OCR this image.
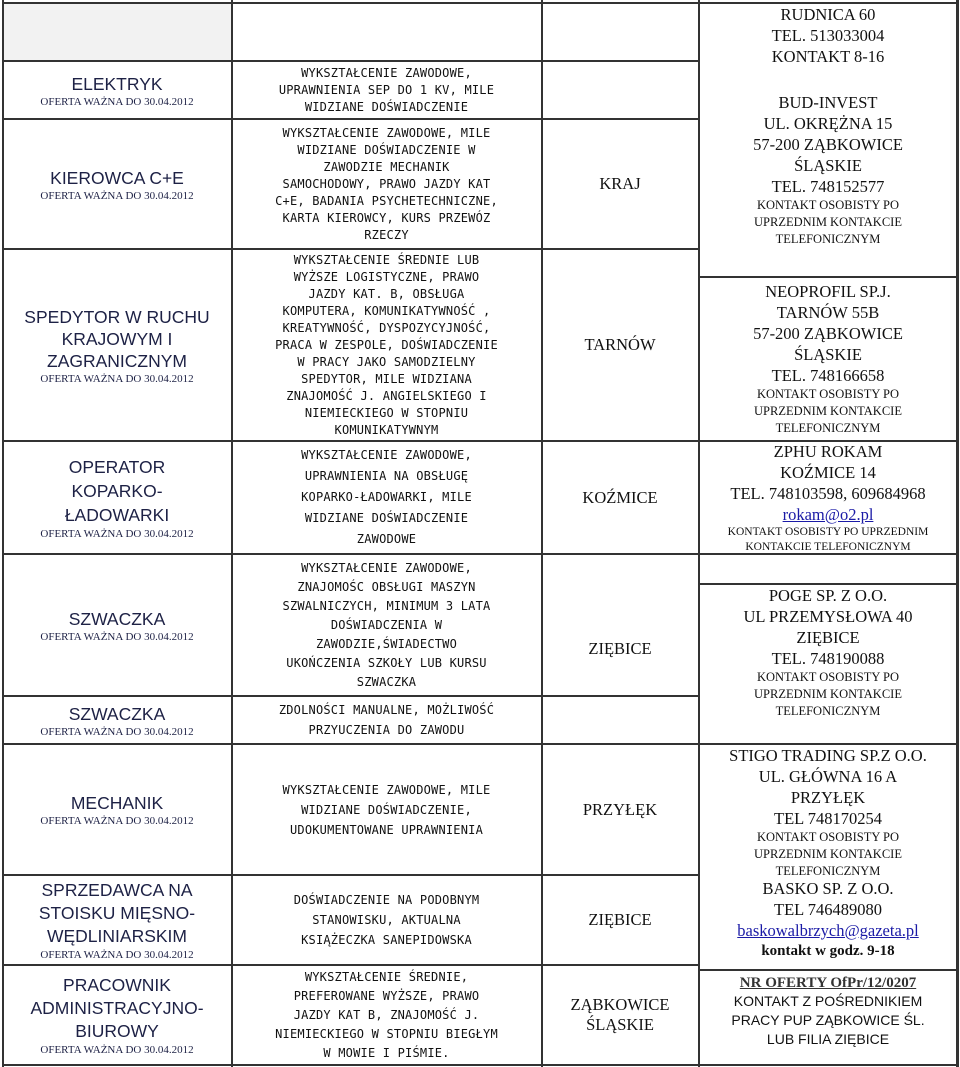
ELEKTRYK
OFERTA WAŻNA DO 30.04.2012
KIEROWCA C+E
OFERTA WAŻNA DO 30.04.2012
SPEDYTOR W RUCHU
KRAJOWYM I
ZAGRANICZNYM
OFERTA WAŻNA DO 30.04.2012
OPERATOR
KOPARKO-
ŁADOWARKI
OFERTA WAŻNA DO 30.04.2012
SZWACZKA
OFERTA WAŻNA DO 30.04.2012
SZWACZKA
OFERTA WAŻNA DO 30.04.2012
MECHANIK
OFERTA WAŻNA DO 30.04.2012
SPRZEDAWCA NA
STOISKU MIĘSNO-
WĘDLINIARSKIM
OFERTA WAŻNA DO 30.04.2012
PRACOWNIK
ADMINISTRACYJNO-
BIUROWY
OFERTA WAŻNA DO 30.04.2012
WYKSZTAŁCENIE ZAWODOWE,
UPRAWNIENIA SEP DO 1 KV, MILE
WIDZIANE DOŚWIADCZENIE
WYKSZTAŁCENIE ZAWODOWE, MILE
WIDZIANE DOŚWIADCZENIE W
ZAWODZIE MECHANIK
SAMOCHODOWY, PRAWO JAZDY KAT
C+E, BADANIA PSYCHETECHNICZNE,
KARTA KIEROWCY, KURS PRZEWÓZ
RZECZY
WYKSZTAŁCENIE ŚREDNIE LUB
WYŻSZE LOGISTYCZNE, PRAWO
JAZDY KAT. B, OBSŁUGA
KOMPUTERA, KOMUNIKATYWNOŚĆ ,
KREATYWNOŚĆ, DYSPOZYCYJNOŚĆ,
PRACA W ZESPOLE, DOŚWIADCZENIE
W PRACY JAKO SAMODZIELNY
SPEDYTOR, MILE WIDZIANA
ZNAJOMOŚĆ J. ANGIELSKIEGO I
NIEMIECKIEGO W STOPNIU
KOMUNIKATYWNYM
WYKSZTAŁCENIE ZAWODOWE,
UPRAWNIENIA NA OBSŁUGĘ
KOPARKO-ŁADOWARKI, MILE
WIDZIANE DOŚWIADCZENIE
ZAWODOWE
WYKSZTAŁCENIE ZAWODOWE,
ZNAJOMOŚC OBSŁUGI MASZYN
SZWALNICZYCH, MINIMUM 3 LATA
DOŚWIADCZENIA W
ZAWODZIE,ŚWIADECTWO
UKOŃCZENIA SZKOŁY LUB KURSU
SZWACZKA
ZDOLNOŚCI MANUALNE, MOŻLIWOŚĆ
PRZYUCZENIA DO ZAWODU
WYKSZTAŁCENIE ZAWODOWE, MILE
WIDZIANE DOŚWIADCZENIE,
UDOKUMENTOWANE UPRAWNIENIA
DOŚWIADCZENIE NA PODOBNYM
STANOWISKU, AKTUALNA
KSIĄŻECZKA SANEPIDOWSKA
WYKSZTAŁCENIE ŚREDNIE,
PREFEROWANE WYŻSZE, PRAWO
JAZDY KAT B, ZNAJOMOŚĆ J.
NIEMIECKIEGO W STOPNIU BIEGŁYM
W MOWIE I PIŚMIE.
KRAJ
TARNÓW
KOŹMICE
ZIĘBICE
PRZYŁĘK
ZIĘBICE
ZĄBKOWICE
ŚLĄSKIE
RUDNICA 60
TEL. 513033004
KONTAKT 8-16
BUD-INVEST
UL. OKRĘŻNA 15
57-200 ZĄBKOWICE
ŚLĄSKIE
TEL. 748152577
KONTAKT OSOBISTY PO
UPRZEDNIM KONTAKCIE
TELEFONICZNYM
NEOPROFIL SP.J.
TARNÓW 55B
57-200 ZĄBKOWICE
ŚLĄSKIE
TEL. 748166658
KONTAKT OSOBISTY PO
UPRZEDNIM KONTAKCIE
TELEFONICZNYM
ZPHU ROKAM
KOŹMICE 14
TEL. 748103598, 609684968
rokam@o2.pl
KONTAKT OSOBISTY PO UPRZEDNIM
KONTAKCIE TELEFONICZNYM
POGE SP. Z O.O.
UL PRZEMYSŁOWA 40
ZIĘBICE
TEL. 748190088
KONTAKT OSOBISTY PO
UPRZEDNIM KONTAKCIE
TELEFONICZNYM
STIGO TRADING SP.Z O.O.
UL. GŁÓWNA 16 A
PRZYŁĘK
TEL 748170254
KONTAKT OSOBISTY PO
UPRZEDNIM KONTAKCIE
TELEFONICZNYM
BASKO SP. Z O.O.
TEL 746489080
baskowalbrzych@gazeta.pl
kontakt w godz. 9-18
NR OFERTY OfPr/12/0207
KONTAKT Z POŚREDNIKIEM
PRACY PUP ZĄBKOWICE ŚL.
LUB FILIA ZIĘBICE
